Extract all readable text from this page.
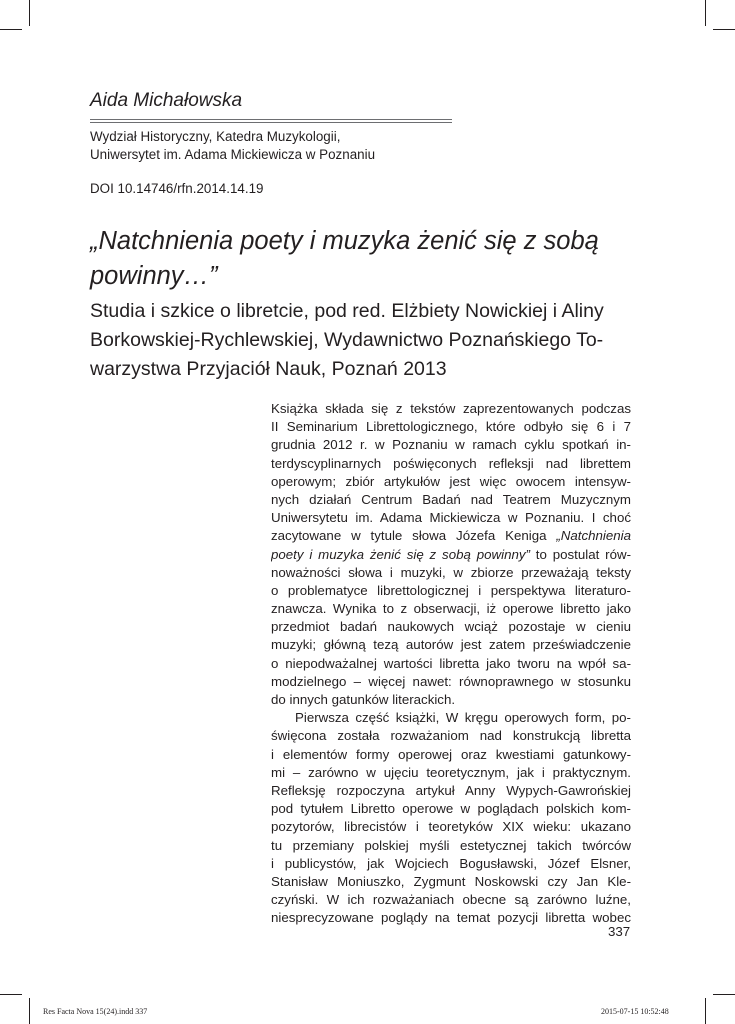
Aida Michałowska
Wydział Historyczny, Katedra Muzykologii,
Uniwersytet im. Adama Mickiewicza w Poznaniu
DOI 10.14746/rfn.2014.14.19
„Natchnienia poety i muzyka żenić się z sobą
powinny…”
Studia i szkice o libretcie, pod red. Elżbiety Nowickiej i Aliny
Borkowskiej-Rychlewskiej, Wydawnictwo Poznańskiego To-
warzystwa Przyjaciół Nauk, Poznań 2013
Książka składa się z tekstów zaprezentowanych podczas
II Seminarium Librettologicznego, które odbyło się 6 i 7
grudnia 2012 r. w Poznaniu w ramach cyklu spotkań in-
terdyscyplinarnych poświęconych refleksji nad librettem
operowym; zbiór artykułów jest więc owocem intensyw-
nych działań Centrum Badań nad Teatrem Muzycznym
Uniwersytetu im. Adama Mickiewicza w Poznaniu. I choć
zacytowane w tytule słowa Józefa Keniga „Natchnienia
poety i muzyka żenić się z sobą powinny” to postulat rów-
noważności słowa i muzyki, w zbiorze przeważają teksty
o problematyce librettologicznej i perspektywa literaturo-
znawcza. Wynika to z obserwacji, iż operowe libretto jako
przedmiot badań naukowych wciąż pozostaje w cieniu
muzyki; główną tezą autorów jest zatem przeświadczenie
o niepodważalnej wartości libretta jako tworu na wpół sa-
modzielnego – więcej nawet: równoprawnego w stosunku
do innych gatunków literackich.
Pierwsza część książki, W kręgu operowych form, po-
święcona została rozważaniom nad konstrukcją libretta
i elementów formy operowej oraz kwestiami gatunkowy-
mi – zarówno w ujęciu teoretycznym, jak i praktycznym.
Refleksję rozpoczyna artykuł Anny Wypych-Gawrońskiej
pod tytułem Libretto operowe w poglądach polskich kom-
pozytorów, librecistów i teoretyków XIX wieku: ukazano
tu przemiany polskiej myśli estetycznej takich twórców
i publicystów, jak Wojciech Bogusławski, Józef Elsner,
Stanisław Moniuszko, Zygmunt Noskowski czy Jan Kle-
czyński. W ich rozważaniach obecne są zarówno luźne,
niesprecyzowane poglądy na temat pozycji libretta wobec
337
Res Facta Nova 15(24).indd 337	2015-07-15 10:52:48
